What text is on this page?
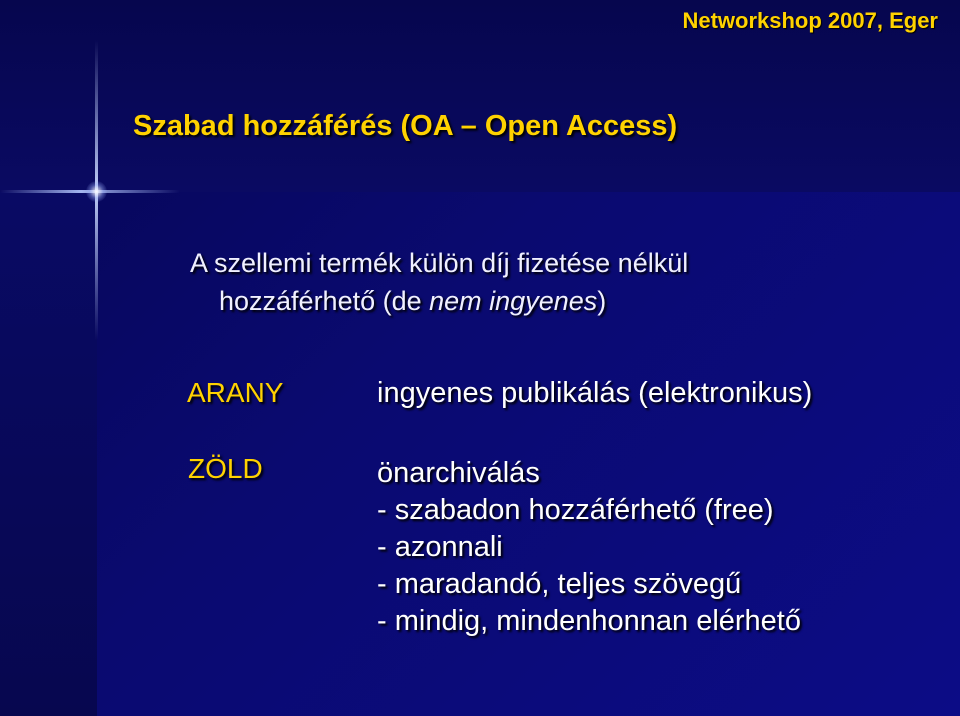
Networkshop 2007, Eger
Szabad hozzáférés (OA – Open Access)
A szellemi termék külön díj fizetése nélkül
hozzáférhető (de nem ingyenes)
ARANY	ingyenes publikálás (elektronikus)
ZÖLD	önarchiválás
- szabadon hozzáférhető (free)
- azonnali
- maradandó, teljes szövegű
- mindig, mindenhonnan elérhető
